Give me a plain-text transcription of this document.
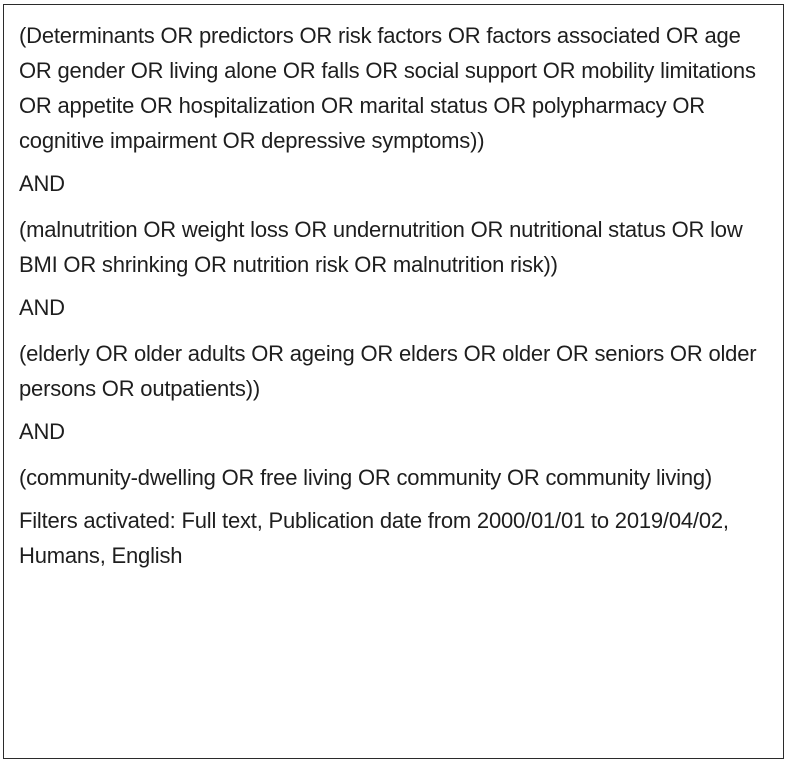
(Determinants OR predictors OR risk factors OR factors associated OR age OR gender OR living alone OR falls OR social support OR mobility limitations OR appetite OR hospitalization OR marital status OR polypharmacy OR cognitive impairment OR depressive symptoms))

AND

(malnutrition OR weight loss OR undernutrition OR nutritional status OR low BMI OR shrinking OR nutrition risk OR malnutrition risk))

AND

(elderly OR older adults OR ageing OR elders OR older OR seniors OR older persons OR outpatients))

AND

(community-dwelling OR free living OR community OR community living)

Filters activated: Full text, Publication date from 2000/01/01 to 2019/04/02, Humans, English
